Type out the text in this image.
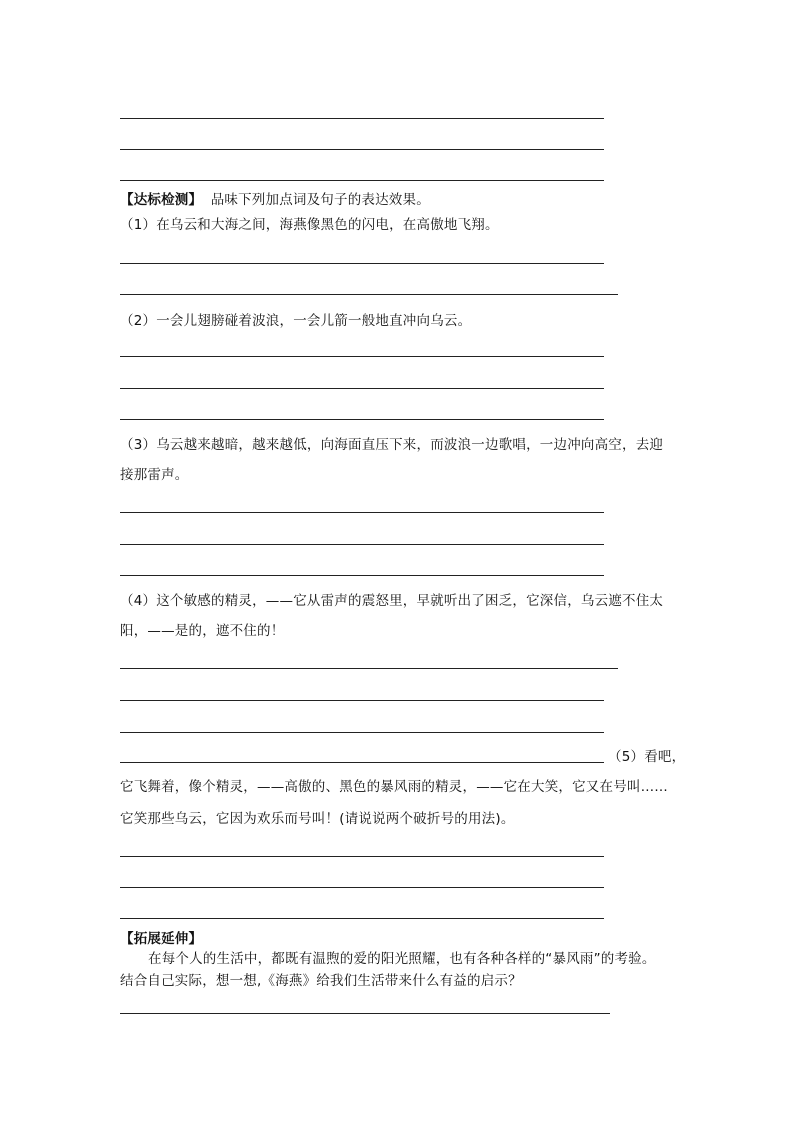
【达标检测】 品味下列加点词及句子的表达效果。
（1）在乌云和大海之间，海燕像黑色的闪电，在高傲地飞翔。
（2）一会儿翅膀碰着波浪，一会儿箭一般地直冲向乌云。
（3）乌云越来越暗，越来越低，向海面直压下来，而波浪一边歌唱，一边冲向高空，去迎
接那雷声。
（4）这个敏感的精灵，——它从雷声的震怒里，早就听出了困乏，它深信，乌云遮不住太
阳，——是的，遮不住的！
（5）看吧，
它飞舞着，像个精灵，——高傲的、黑色的暴风雨的精灵，——它在大笑，它又在号叫……
它笑那些乌云，它因为欢乐而号叫！(请说说两个破折号的用法)。
【拓展延伸】
在每个人的生活中，都既有温煦的爱的阳光照耀，也有各种各样的“暴风雨”的考验。
结合自己实际，想一想,《海燕》给我们生活带来什么有益的启示？
